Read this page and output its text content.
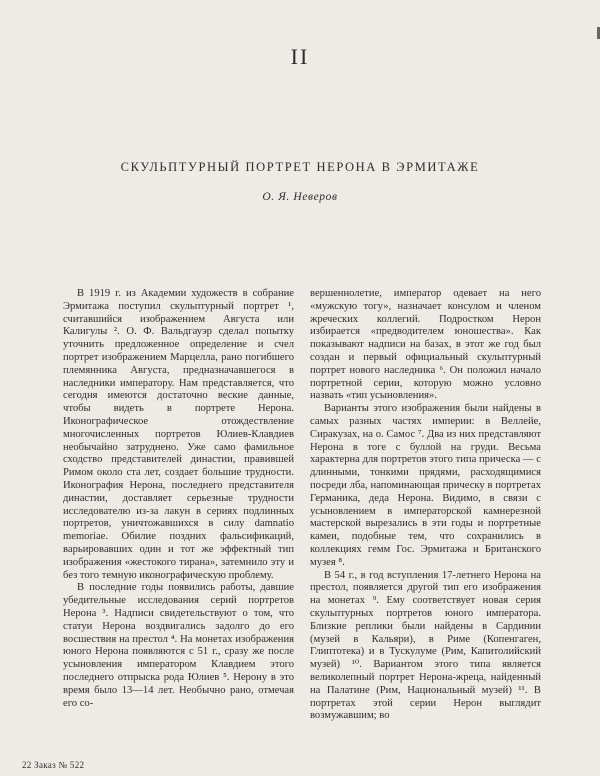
II
СКУЛЬПТУРНЫЙ ПОРТРЕТ НЕРОНА В ЭРМИТАЖЕ
О. Я. Неверов

В 1919 г. из Академии художеств в собрание Эрмитажа поступил скульптурный портрет ¹, считавшийся изображением Августа или Калигулы ². О. Ф. Вальдгауэр сделал попытку уточнить предложенное определение и счел портрет изображением Марцелла, рано погибшего племянника Августа, предназначавшегося в наследники императору. Нам представляется, что сегодня имеются достаточно веские данные, чтобы видеть в портрете Нерона. Иконографическое отождествление многочисленных портретов Юлиев-Клавдиев необычайно затруднено. Уже само фамильное сходство представителей династии, правившей Римом около ста лет, создает большие трудности. Иконография Нерона, последнего представителя династии, доставляет серьезные трудности исследователю из-за лакун в сериях подлинных портретов, уничтожавшихся в силу damnatio memoriae. Обилие поздних фальсификаций, варьировавших один и тот же эффектный тип изображения «жестокого тирана», затемнило эту и без того темную иконографическую проблему.

В последние годы появились работы, давшие убедительные исследования серий портретов Нерона ³. Надписи свидетельствуют о том, что статуи Нерона воздвигались задолго до его восшествия на престол ⁴. На монетах изображения юного Нерона появляются с 51 г., сразу же после усыновления императором Клавдием этого последнего отпрыска рода Юлиев ⁵. Нерону в это время было 13—14 лет. Необычно рано, отмечая его со-

вершеннолетие, император одевает на него «мужскую тогу», назначает консулом и членом жреческих коллегий. Подростком Нерон избирается «предводителем юношества». Как показывают надписи на базах, в этот же год был создан и первый официальный скульптурный портрет нового наследника ⁶. Он положил начало портретной серии, которую можно условно назвать «тип усыновления».

Варианты этого изображения были найдены в самых разных частях империи: в Веллейе, Сиракузах, на о. Самос ⁷. Два из них представляют Нерона в тоге с буллой на груди. Весьма характерна для портретов этого типа прическа — с длинными, тонкими прядями, расходящимися посреди лба, напоминающая прическу в портретах Германика, деда Нерона. Видимо, в связи с усыновлением в императорской камнерезной мастерской вырезались в эти годы и портретные камеи, подобные тем, что сохранились в коллекциях гемм Гос. Эрмитажа и Британского музея ⁸.

В 54 г., в год вступления 17-летнего Нерона на престол, появляется другой тип его изображения на монетах ⁹. Ему соответствует новая серия скульптурных портретов юного императора. Близкие реплики были найдены в Сардинии (музей в Кальяри), в Риме (Копенгаген, Глиптотека) и в Тускулуме (Рим, Капитолийский музей) ¹⁰. Вариантом этого типа является великолепный портрет Нерона-жреца, найденный на Палатине (Рим, Национальный музей) ¹¹. В портретах этой серии Нерон выглядит возмужавшим; во

22 Заказ № 522
